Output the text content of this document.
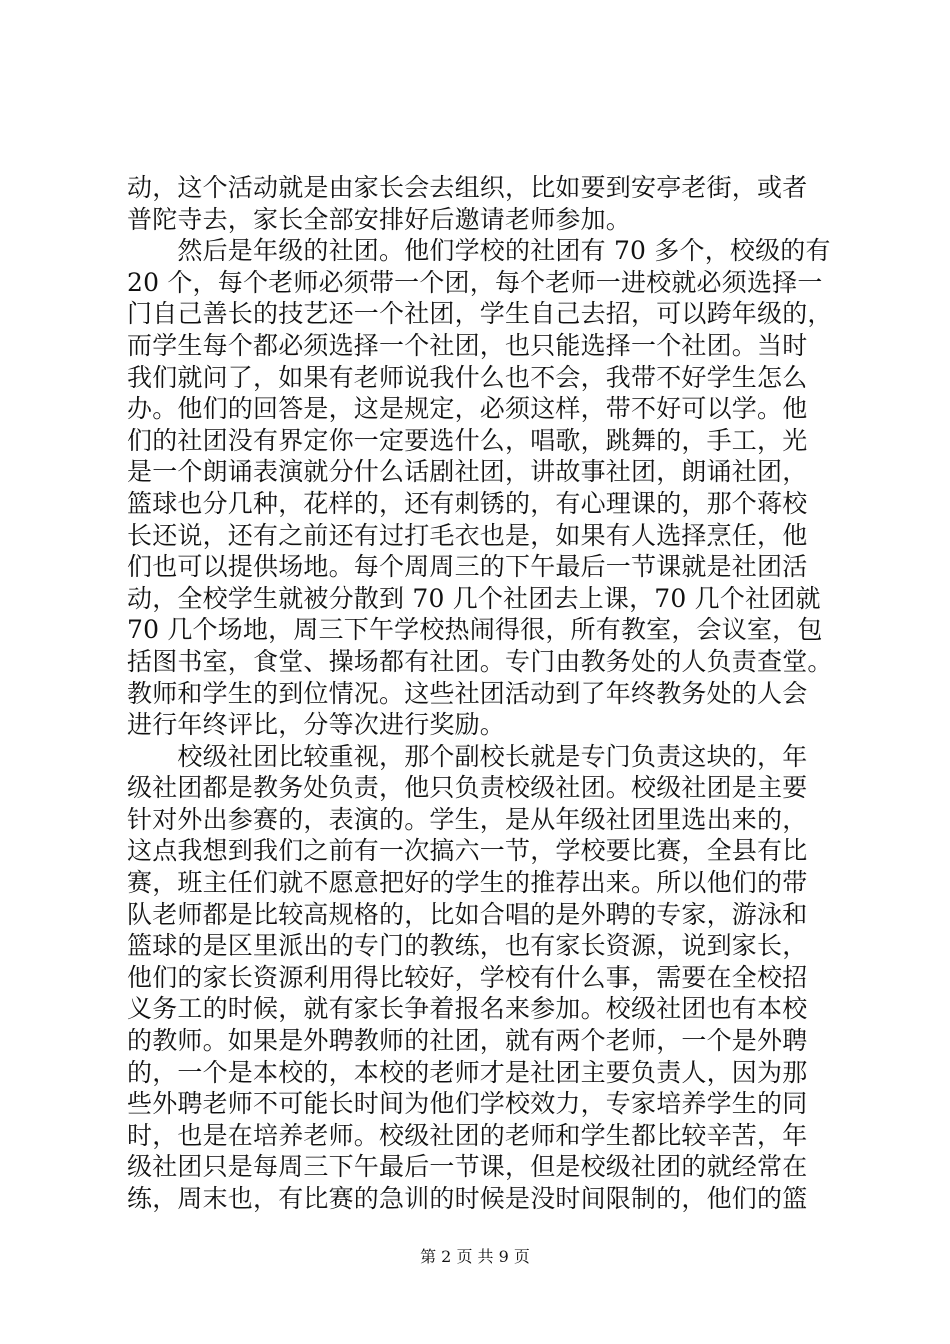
动，这个活动就是由家长会去组织，比如要到安亭老街，或者
普陀寺去，家长全部安排好后邀请老师参加。
　　然后是年级的社团。他们学校的社团有 70 多个，校级的有
20 个，每个老师必须带一个团，每个老师一进校就必须选择一
门自己善长的技艺还一个社团，学生自己去招，可以跨年级的，
而学生每个都必须选择一个社团，也只能选择一个社团。当时
我们就问了，如果有老师说我什么也不会，我带不好学生怎么
办。他们的回答是，这是规定，必须这样，带不好可以学。他
们的社团没有界定你一定要选什么，唱歌，跳舞的，手工，光
是一个朗诵表演就分什么话剧社团，讲故事社团，朗诵社团，
篮球也分几种，花样的，还有刺锈的，有心理课的，那个蒋校
长还说，还有之前还有过打毛衣也是，如果有人选择烹任，他
们也可以提供场地。每个周周三的下午最后一节课就是社团活
动，全校学生就被分散到 70 几个社团去上课，70 几个社团就
70 几个场地，周三下午学校热闹得很，所有教室，会议室，包
括图书室，食堂、操场都有社团。专门由教务处的人负责查堂。
教师和学生的到位情况。这些社团活动到了年终教务处的人会
进行年终评比，分等次进行奖励。
　　校级社团比较重视，那个副校长就是专门负责这块的，年
级社团都是教务处负责，他只负责校级社团。校级社团是主要
针对外出参赛的，表演的。学生，是从年级社团里选出来的，
这点我想到我们之前有一次搞六一节，学校要比赛，全县有比
赛，班主任们就不愿意把好的学生的推荐出来。所以他们的带
队老师都是比较高规格的，比如合唱的是外聘的专家，游泳和
篮球的是区里派出的专门的教练，也有家长资源，说到家长，
他们的家长资源利用得比较好，学校有什么事，需要在全校招
义务工的时候，就有家长争着报名来参加。校级社团也有本校
的教师。如果是外聘教师的社团，就有两个老师，一个是外聘
的，一个是本校的，本校的老师才是社团主要负责人，因为那
些外聘老师不可能长时间为他们学校效力，专家培养学生的同
时，也是在培养老师。校级社团的老师和学生都比较辛苦，年
级社团只是每周三下午最后一节课，但是校级社团的就经常在
练，周末也，有比赛的急训的时候是没时间限制的，他们的篮
第 2 页 共 9 页
